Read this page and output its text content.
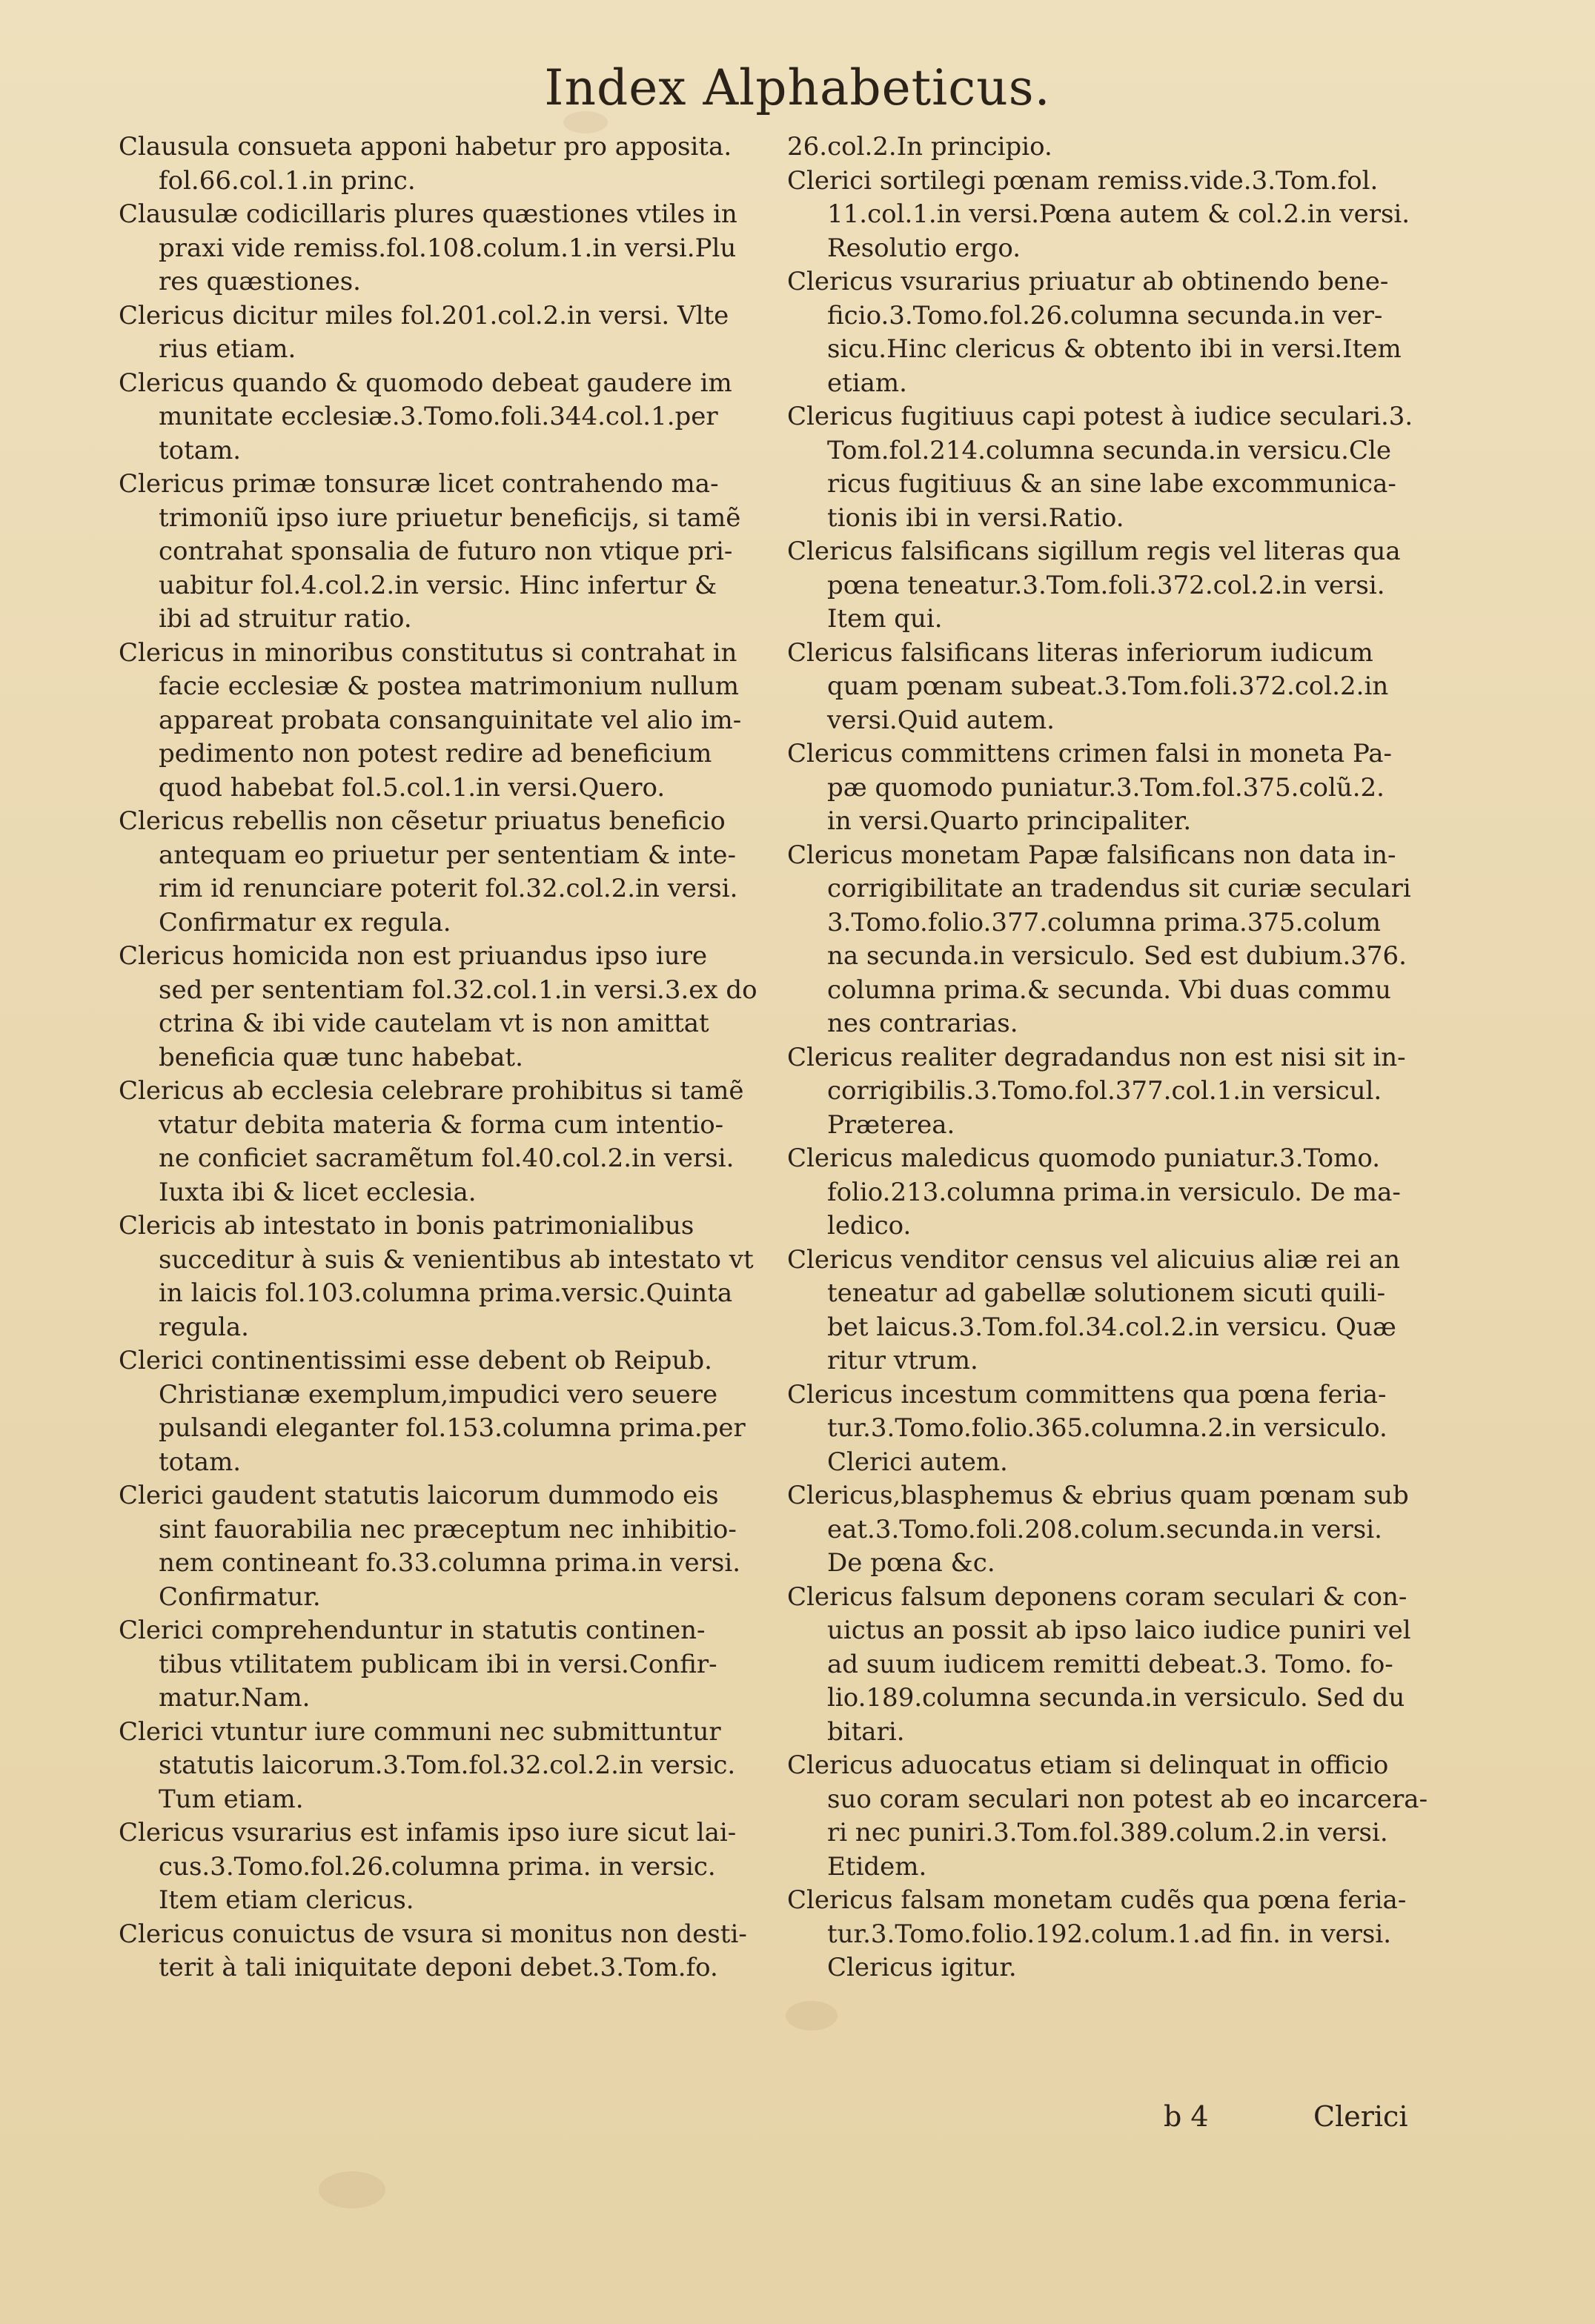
Index Alphabeticus.
Clausula consueta apponi habetur pro apposita.
fol.66.col.1.in princ.
Clausulæ codicillaris plures quæstiones vtiles in
praxi vide remiss.fol.108.colum.1.in versi.Plu
res quæstiones.
Clericus dicitur miles fol.201.col.2.in versi. Vlte
rius etiam.
Clericus quando & quomodo debeat gaudere im
munitate ecclesiæ.3.Tomo.foli.344.col.1.per
totam.
Clericus primæ tonsuræ licet contrahendo ma-
trimoniũ ipso iure priuetur beneficijs, si tamẽ
contrahat sponsalia de futuro non vtique pri-
uabitur fol.4.col.2.in versic. Hinc infertur &
ibi ad struitur ratio.
Clericus in minoribus constitutus si contrahat in
facie ecclesiæ & postea matrimonium nullum
appareat probata consanguinitate vel alio im-
pedimento non potest redire ad beneficium
quod habebat fol.5.col.1.in versi.Quero.
Clericus rebellis non cẽsetur priuatus beneficio
antequam eo priuetur per sententiam & inte-
rim id renunciare poterit fol.32.col.2.in versi.
Confirmatur ex regula.
Clericus homicida non est priuandus ipso iure
sed per sententiam fol.32.col.1.in versi.3.ex do
ctrina & ibi vide cautelam vt is non amittat
beneficia quæ tunc habebat.
Clericus ab ecclesia celebrare prohibitus si tamẽ
vtatur debita materia & forma cum intentio-
ne conficiet sacramẽtum fol.40.col.2.in versi.
Iuxta ibi & licet ecclesia.
Clericis ab intestato in bonis patrimonialibus
succeditur à suis & venientibus ab intestato vt
in laicis fol.103.columna prima.versic.Quinta
regula.
Clerici continentissimi esse debent ob Reipub.
Christianæ exemplum,impudici vero seuere
pulsandi eleganter fol.153.columna prima.per
totam.
Clerici gaudent statutis laicorum dummodo eis
sint fauorabilia nec præceptum nec inhibitio-
nem contineant fo.33.columna prima.in versi.
Confirmatur.
Clerici comprehenduntur in statutis continen-
tibus vtilitatem publicam ibi in versi.Confir-
matur.Nam.
Clerici vtuntur iure communi nec submittuntur
statutis laicorum.3.Tom.fol.32.col.2.in versic.
Tum etiam.
Clericus vsurarius est infamis ipso iure sicut lai-
cus.3.Tomo.fol.26.columna prima. in versic.
Item etiam clericus.
Clericus conuictus de vsura si monitus non desti-
terit à tali iniquitate deponi debet.3.Tom.fo.
26.col.2.In principio.
Clerici sortilegi pœnam remiss.vide.3.Tom.fol.
11.col.1.in versi.Pœna autem & col.2.in versi.
Resolutio ergo.
Clericus vsurarius priuatur ab obtinendo bene-
ficio.3.Tomo.fol.26.columna secunda.in ver-
sicu.Hinc clericus & obtento ibi in versi.Item
etiam.
Clericus fugitiuus capi potest à iudice seculari.3.
Tom.fol.214.columna secunda.in versicu.Cle
ricus fugitiuus & an sine labe excommunica-
tionis ibi in versi.Ratio.
Clericus falsificans sigillum regis vel literas qua
pœna teneatur.3.Tom.foli.372.col.2.in versi.
Item qui.
Clericus falsificans literas inferiorum iudicum
quam pœnam subeat.3.Tom.foli.372.col.2.in
versi.Quid autem.
Clericus committens crimen falsi in moneta Pa-
pæ quomodo puniatur.3.Tom.fol.375.colũ.2.
in versi.Quarto principaliter.
Clericus monetam Papæ falsificans non data in-
corrigibilitate an tradendus sit curiæ seculari
3.Tomo.folio.377.columna prima.375.colum
na secunda.in versiculo. Sed est dubium.376.
columna prima.& secunda. Vbi duas commu
nes contrarias.
Clericus realiter degradandus non est nisi sit in-
corrigibilis.3.Tomo.fol.377.col.1.in versicul.
Præterea.
Clericus maledicus quomodo puniatur.3.Tomo.
folio.213.columna prima.in versiculo. De ma-
ledico.
Clericus venditor census vel alicuius aliæ rei an
teneatur ad gabellæ solutionem sicuti quili-
bet laicus.3.Tom.fol.34.col.2.in versicu. Quæ
ritur vtrum.
Clericus incestum committens qua pœna feria-
tur.3.Tomo.folio.365.columna.2.in versiculo.
Clerici autem.
Clericus,blasphemus & ebrius quam pœnam sub
eat.3.Tomo.foli.208.colum.secunda.in versi.
De pœna &c.
Clericus falsum deponens coram seculari & con-
uictus an possit ab ipso laico iudice puniri vel
ad suum iudicem remitti debeat.3. Tomo. fo-
lio.189.columna secunda.in versiculo. Sed du
bitari.
Clericus aduocatus etiam si delinquat in officio
suo coram seculari non potest ab eo incarcera-
ri nec puniri.3.Tom.fol.389.colum.2.in versi.
Etidem.
Clericus falsam monetam cudẽs qua pœna feria-
tur.3.Tomo.folio.192.colum.1.ad fin. in versi.
Clericus igitur.
b 4	Clerici
